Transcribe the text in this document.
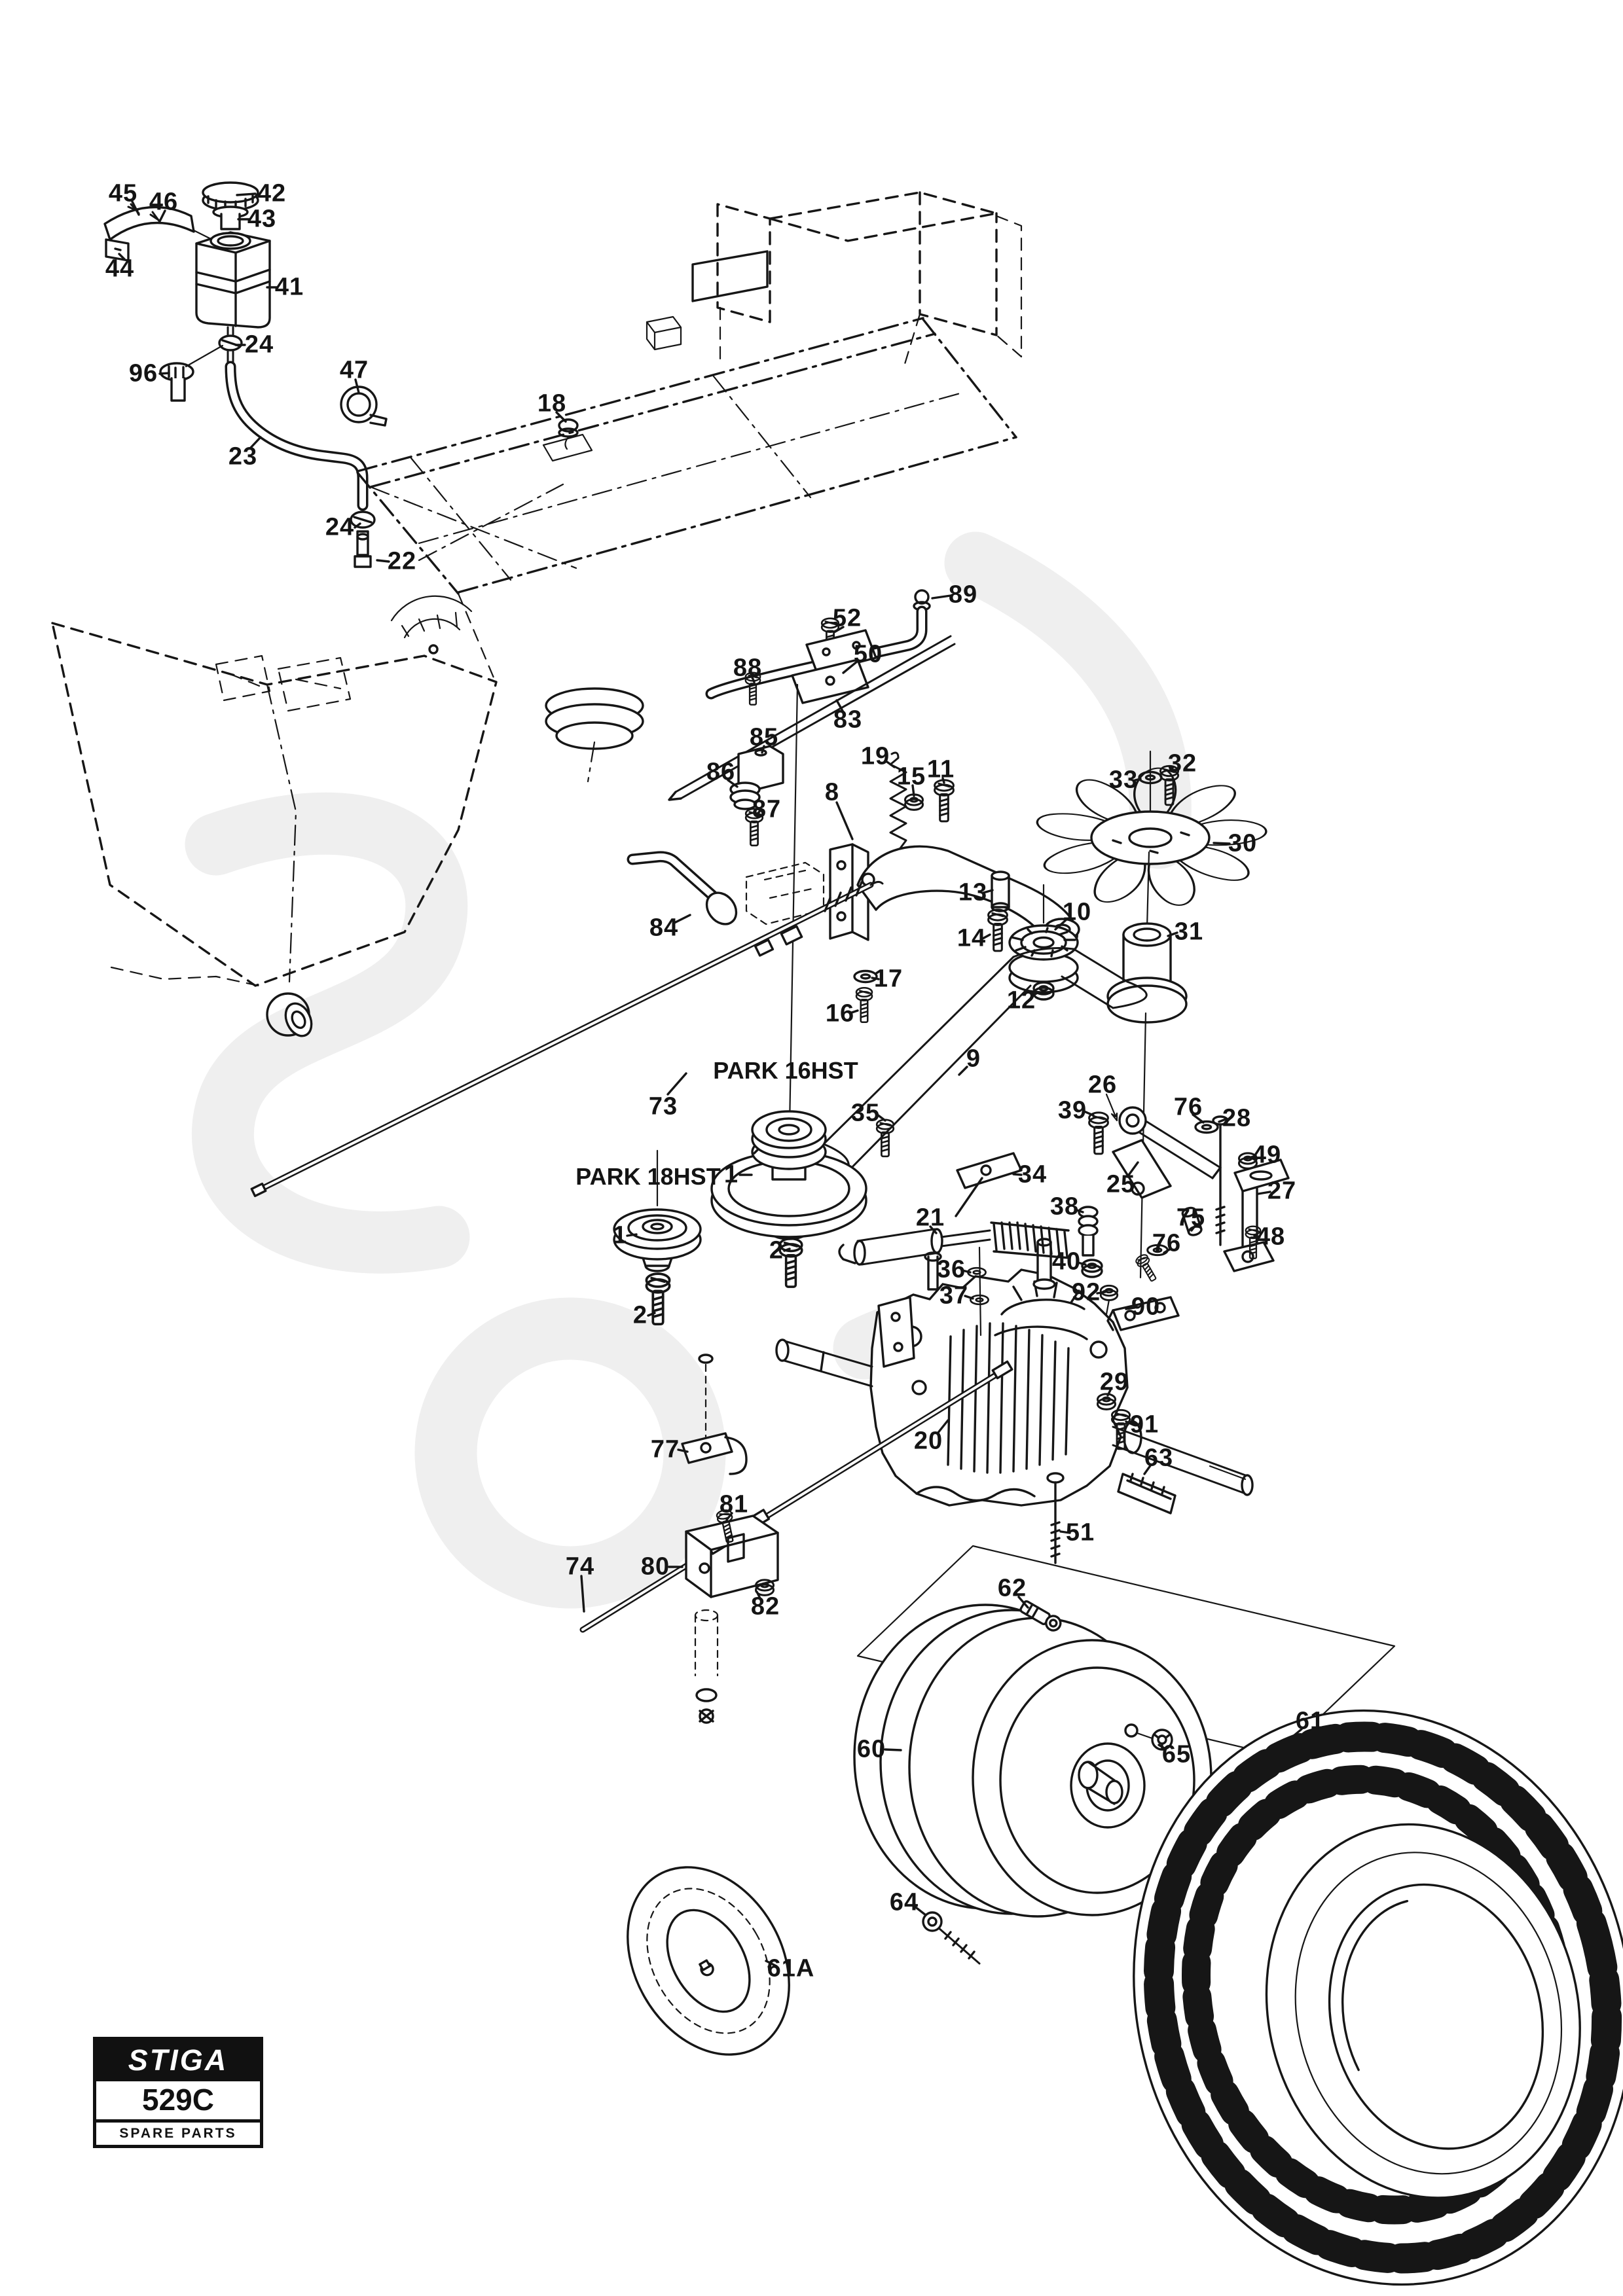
45 46	42
43
44
41
24
96	47
23
24
22
18
89
52
50
88
83
85
86
87
19
8
15 11	33
32
30
31
10
13
14
12
17
16
9
73
84
1
2
1
2
21
35
34
36
37
38
39
40
26
25
76 28
49
27
48
75
76
92
90
29
91
63
20
51
62
60	65
64
61
61A
77
81
80
82
74
PARK 16HST
PARK 18HST
STIGA
529C
SPARE PARTS
